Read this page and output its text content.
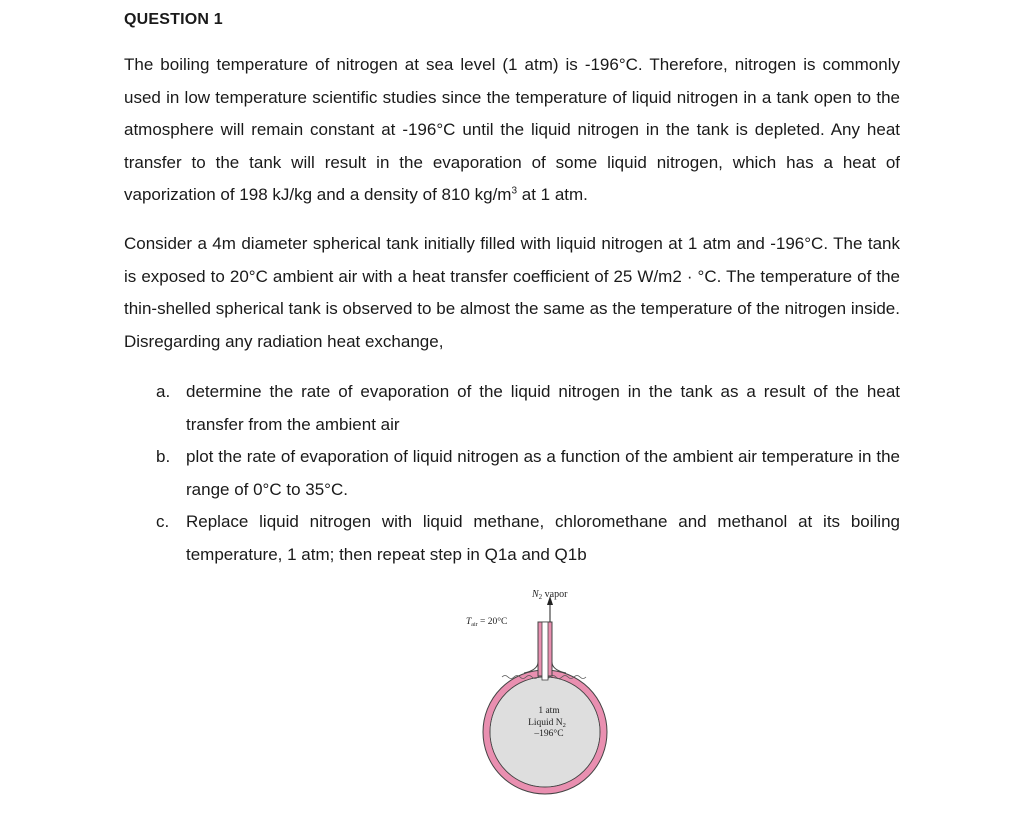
QUESTION 1
The boiling temperature of nitrogen at sea level (1 atm) is -196°C. Therefore, nitrogen is commonly used in low temperature scientific studies since the temperature of liquid nitrogen in a tank open to the atmosphere will remain constant at -196°C until the liquid nitrogen in the tank is depleted. Any heat transfer to the tank will result in the evaporation of some liquid nitrogen, which has a heat of vaporization of 198 kJ/kg and a density of 810 $kg/m^3$ at 1 atm.
Consider a 4m diameter spherical tank initially filled with liquid nitrogen at 1 atm and -196°C. The tank is exposed to 20°C ambient air with a heat transfer coefficient of 25 W/m2 · °C. The temperature of the thin-shelled spherical tank is observed to be almost the same as the temperature of the nitrogen inside. Disregarding any radiation heat exchange,
a. determine the rate of evaporation of the liquid nitrogen in the tank as a result of the heat transfer from the ambient air
b. plot the rate of evaporation of liquid nitrogen as a function of the ambient air temperature in the range of 0°C to 35°C.
c. Replace liquid nitrogen with liquid methane, chloromethane and methanol at its boiling temperature, 1 atm; then repeat step in Q1a and Q1b
$N_2$ vapor
$T_{air} = 20^\circ C$
1 atm
Liquid $N_2$
–196°C
